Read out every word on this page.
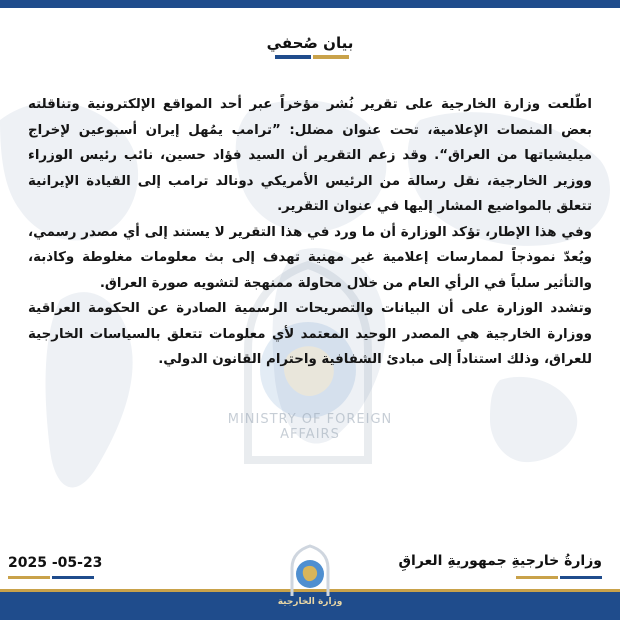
MINISTRY OF FOREIGN AFFAIRS
بيان صُحفي

اطّلعت وزارة الخارجية على تقرير نُشر مؤخراً عبر أحد المواقع الإلكترونية وتناقلته بعض المنصات الإعلامية، تحت عنوان مضلل: ”ترامب يمُهل إيران أسبوعين لإخراج ميليشياتها من العراق“. وقد زعم التقرير أن السيد فؤاد حسين، نائب رئيس الوزراء ووزير الخارجية، نقل رسالة من الرئيس الأمريكي دونالد ترامب إلى القيادة الإيرانية تتعلق بالمواضيع المشار إليها في عنوان التقرير.

وفي هذا الإطار، تؤكد الوزارة أن ما ورد في هذا التقرير لا يستند إلى أي مصدر رسمي، ويُعدّ نموذجاً لممارسات إعلامية غير مهنية تهدف إلى بث معلومات مغلوطة وكاذبة، والتأثير سلباً في الرأي العام من خلال محاولة ممنهجة لتشويه صورة العراق.

وتشدد الوزارة على أن البيانات والتصريحات الرسمية الصادرة عن الحكومة العراقية ووزارة الخارجية هي المصدر الوحيد المعتمد لأي معلومات تتعلق بالسياسات الخارجية للعراق، وذلك استناداً إلى مبادئ الشفافية واحترام القانون الدولي.

2025 -05-23	وزارةُ خارجيةِ جمهوريةِ العراقِ
وزارة الخارجية
